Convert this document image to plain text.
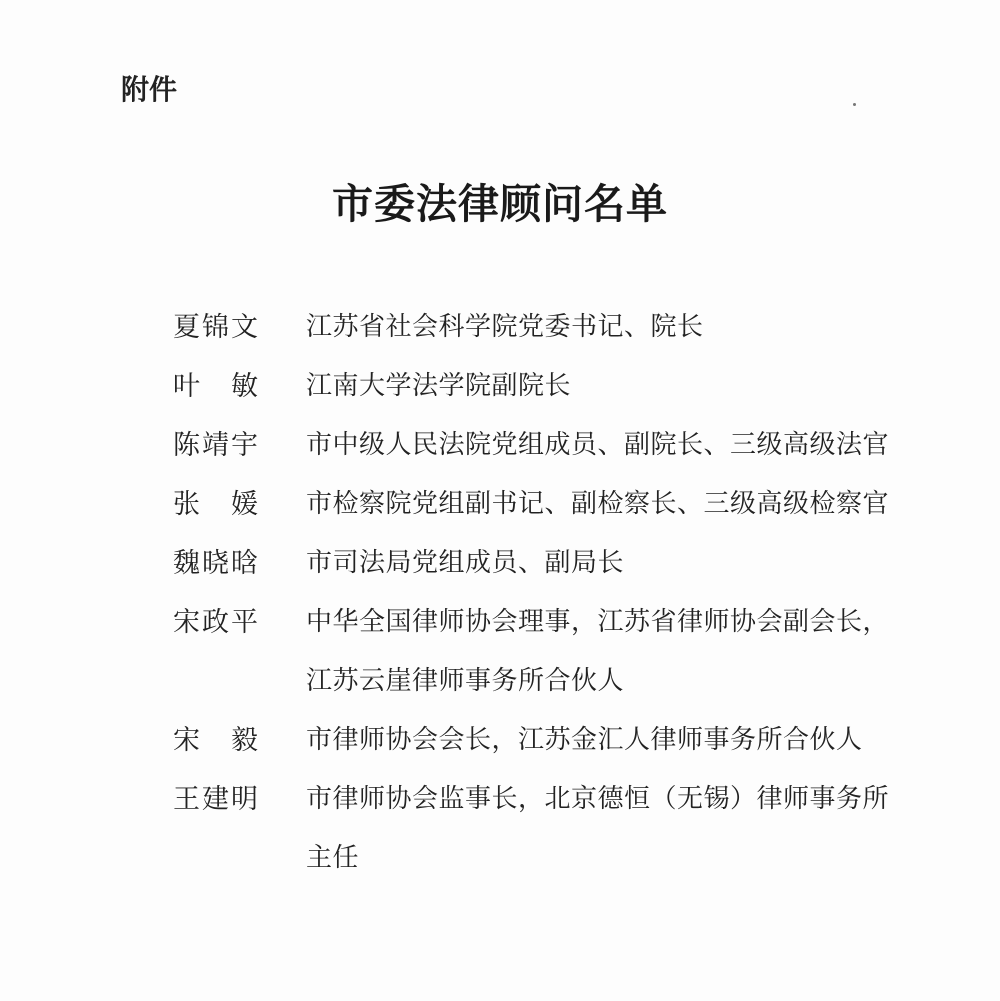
附件
市委法律顾问名单
夏锦文	江苏省社会科学院党委书记、院长
叶　敏	江南大学法学院副院长
陈靖宇	市中级人民法院党组成员、副院长、三级高级法官
张　媛	市检察院党组副书记、副检察长、三级高级检察官
魏晓晗	市司法局党组成员、副局长
宋政平	中华全国律师协会理事，江苏省律师协会副会长，
江苏云崖律师事务所合伙人
宋　毅	市律师协会会长，江苏金汇人律师事务所合伙人
王建明	市律师协会监事长，北京德恒（无锡）律师事务所
主任
